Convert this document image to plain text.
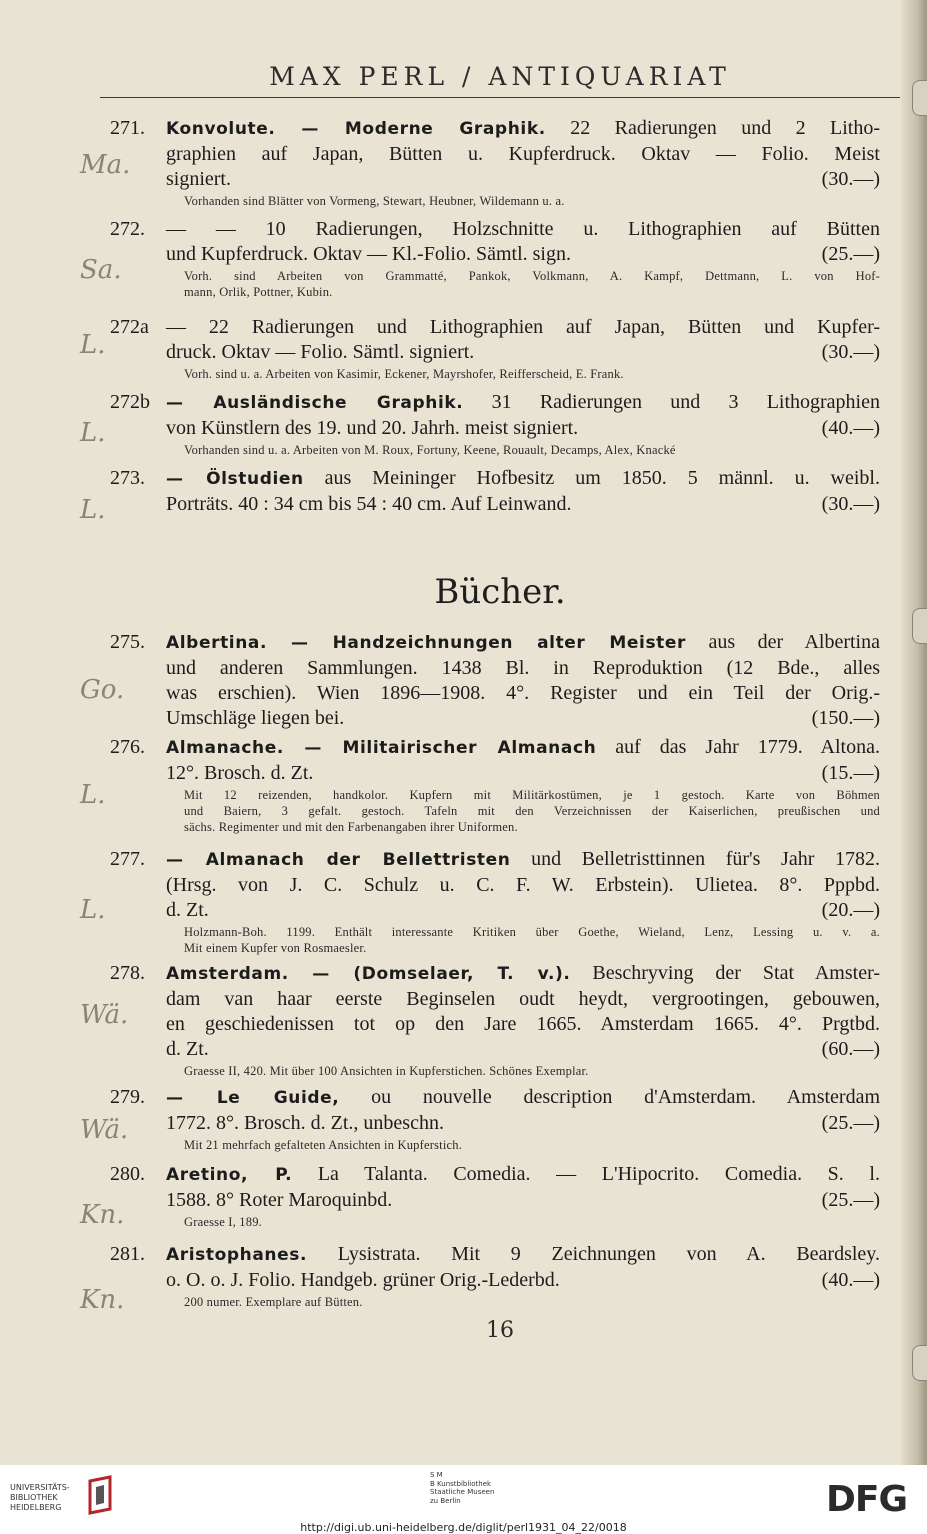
MAX PERL / ANTIQUARIAT
Ma.
Sa.
L.
L.
L.
Go.
L.
L.
Wä.
Wä.
Kn.
Kn.
271.	Konvolute. — Moderne Graphik. 22 Radierungen und 2 Litho-
graphien auf Japan, Bütten u. Kupferdruck. Oktav — Folio. Meist
signiert.	(30.—)
Vorhanden sind Blätter von Vormeng, Stewart, Heubner, Wildemann u. a.
272.	— — 10 Radierungen, Holzschnitte u. Lithographien auf Bütten
und Kupferdruck. Oktav — Kl.-Folio. Sämtl. sign.	(25.—)
Vorh. sind Arbeiten von Grammatté, Pankok, Volkmann, A. Kampf, Dettmann, L. von Hof-
mann, Orlik, Pottner, Kubin.
272a — 22 Radierungen und Lithographien auf Japan, Bütten und Kupfer-
druck. Oktav — Folio. Sämtl. signiert.	(30.—)
Vorh. sind u. a. Arbeiten von Kasimir, Eckener, Mayrshofer, Reifferscheid, E. Frank.
272b — Ausländische Graphik. 31 Radierungen und 3 Lithographien
von Künstlern des 19. und 20. Jahrh. meist signiert.	(40.—)
Vorhanden sind u. a. Arbeiten von M. Roux, Fortuny, Keene, Rouault, Decamps, Alex, Knacké
273.	— Ölstudien aus Meininger Hofbesitz um 1850. 5 männl. u. weibl.
Porträts. 40 : 34 cm bis 54 : 40 cm. Auf Leinwand.	(30.—)
275.	Albertina. — Handzeichnungen alter Meister aus der Albertina
und anderen Sammlungen. 1438 Bl. in Reproduktion (12 Bde., alles
was erschien). Wien 1896—1908. 4°. Register und ein Teil der Orig.-
Umschläge liegen bei.	(150.—)
276.	Almanache. — Militairischer Almanach auf das Jahr 1779. Altona.
12°. Brosch. d. Zt.	(15.—)
Mit 12 reizenden, handkolor. Kupfern mit Militärkostümen, je 1 gestoch. Karte von Böhmen
und Baiern, 3 gefalt. gestoch. Tafeln mit den Verzeichnissen der Kaiserlichen, preußischen und
sächs. Regimenter und mit den Farbenangaben ihrer Uniformen.
277.	— Almanach der Bellettristen und Belletristtinnen für's Jahr 1782.
(Hrsg. von J. C. Schulz u. C. F. W. Erbstein). Ulietea. 8°. Pppbd.
d. Zt.	(20.—)
Holzmann-Boh. 1199. Enthält interessante Kritiken über Goethe, Wieland, Lenz, Lessing u. v. a.
Mit einem Kupfer von Rosmaesler.
278.	Amsterdam. — (Domselaer, T. v.). Beschryving der Stat Amster-
dam van haar eerste Beginselen oudt heydt, vergrootingen, gebouwen,
en geschiedenissen tot op den Jare 1665. Amsterdam 1665. 4°. Prgtbd.
d. Zt.	(60.—)
Graesse II, 420. Mit über 100 Ansichten in Kupferstichen. Schönes Exemplar.
279.	— Le Guide, ou nouvelle description d'Amsterdam. Amsterdam
1772. 8°. Brosch. d. Zt., unbeschn.	(25.—)
Mit 21 mehrfach gefalteten Ansichten in Kupferstich.
280.	Aretino, P. La Talanta. Comedia. — L'Hipocrito. Comedia. S. l.
1588. 8° Roter Maroquinbd.	(25.—)
Graesse I, 189.
281.	Aristophanes. Lysistrata. Mit 9 Zeichnungen von A. Beardsley.
o. O. o. J. Folio. Handgeb. grüner Orig.-Lederbd.	(40.—)
200 numer. Exemplare auf Bütten.
Bücher.
16
UNIVERSITÄTS-
BIBLIOTHEK
HEIDELBERG
S M
B Kunstbibliothek
Staatliche Museen
zu Berlin	DFG
http://digi.ub.uni-heidelberg.de/diglit/perl1931_04_22/0018
